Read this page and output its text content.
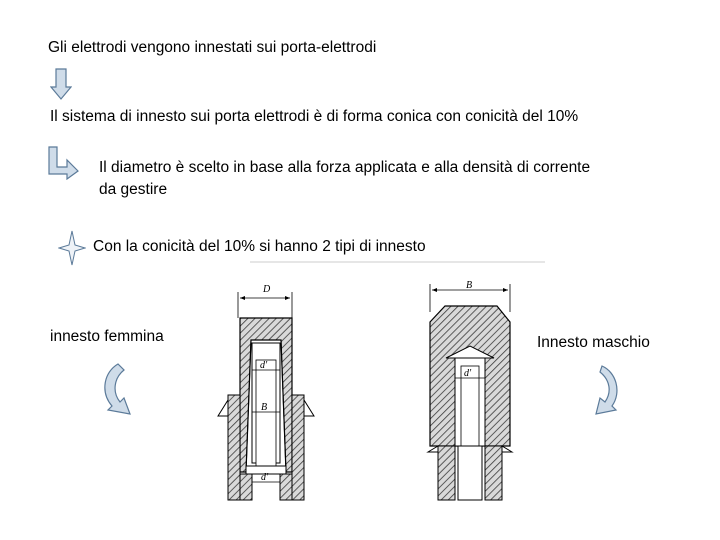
Gli elettrodi vengono innestati sui porta-elettrodi
Il sistema di innesto sui porta elettrodi è di forma conica con conicità del 10%
Il diametro è scelto in base alla forza applicata e alla densità di corrente
da gestire
Con la conicità del 10% si hanno 2 tipi di innesto
innesto femmina	Innesto maschio
D
d'
B
d'
B
d'
